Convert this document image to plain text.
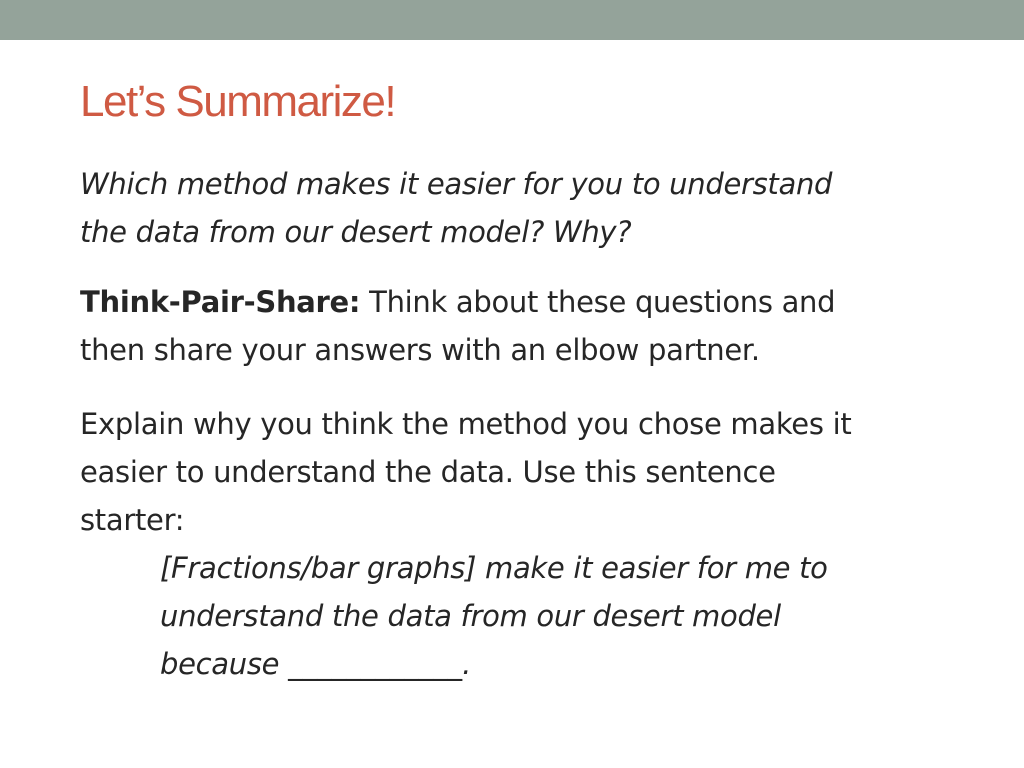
Let’s Summarize!

Which method makes it easier for you to understand
the data from our desert model? Why?

Think-Pair-Share: Think about these questions and
then share your answers with an elbow partner.

Explain why you think the method you chose makes it
easier to understand the data. Use this sentence
starter:

[Fractions/bar graphs] make it easier for me to
understand the data from our desert model
because ____________.
